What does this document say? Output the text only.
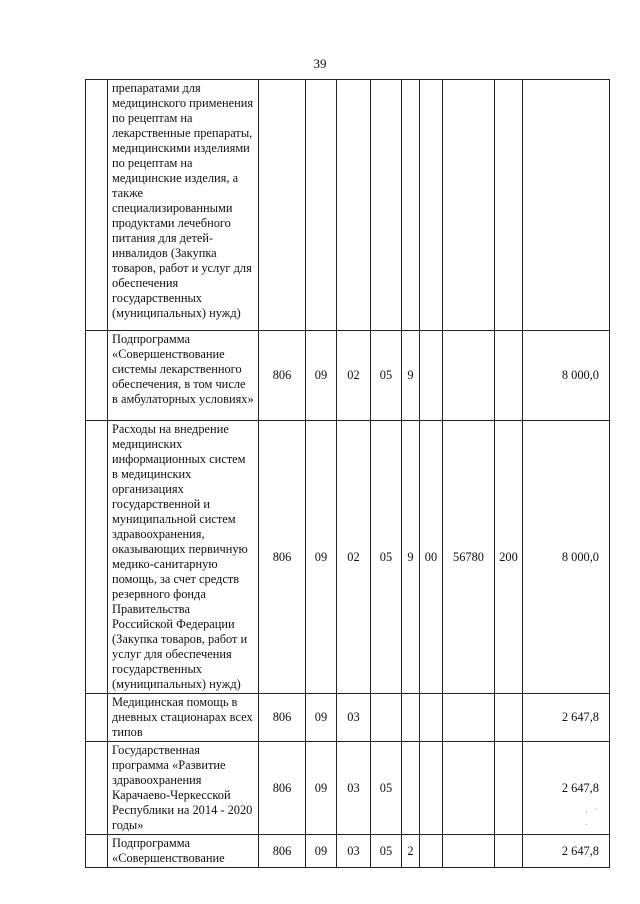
39
	препаратами для медицинского применения по рецептам на лекарственные препараты, медицинскими изделиями по рецептам на медицинские изделия, а также специализированными продуктами лечебного питания для детей-инвалидов (Закупка товаров, работ и услуг для обеспечения государственных (муниципальных) нужд)									
	Подпрограмма «Совершенствование системы лекарственного обеспечения, в том числе в амбулаторных условиях»	806	09	02	05	9				8 000,0
	Расходы на внедрение медицинских информационных систем в медицинских организациях государственной и муниципальной систем здравоохранения, оказывающих первичную медико-санитарную помощь, за счет средств резервного фонда Правительства Российской Федерации (Закупка товаров, работ и услуг для обеспечения государственных (муниципальных) нужд)	806	09	02	05	9	00	56780	200	8 000,0
	Медицинская помощь в дневных стационарах всех типов	806	09	03						2 647,8
	Государственная программа «Развитие здравоохранения Карачаево-Черкесской Республики на 2014 - 2020 годы»	806	09	03	05					2 647,8
	Подпрограмма «Совершенствование	806	09	03	05	2				2 647,8
· ` .
